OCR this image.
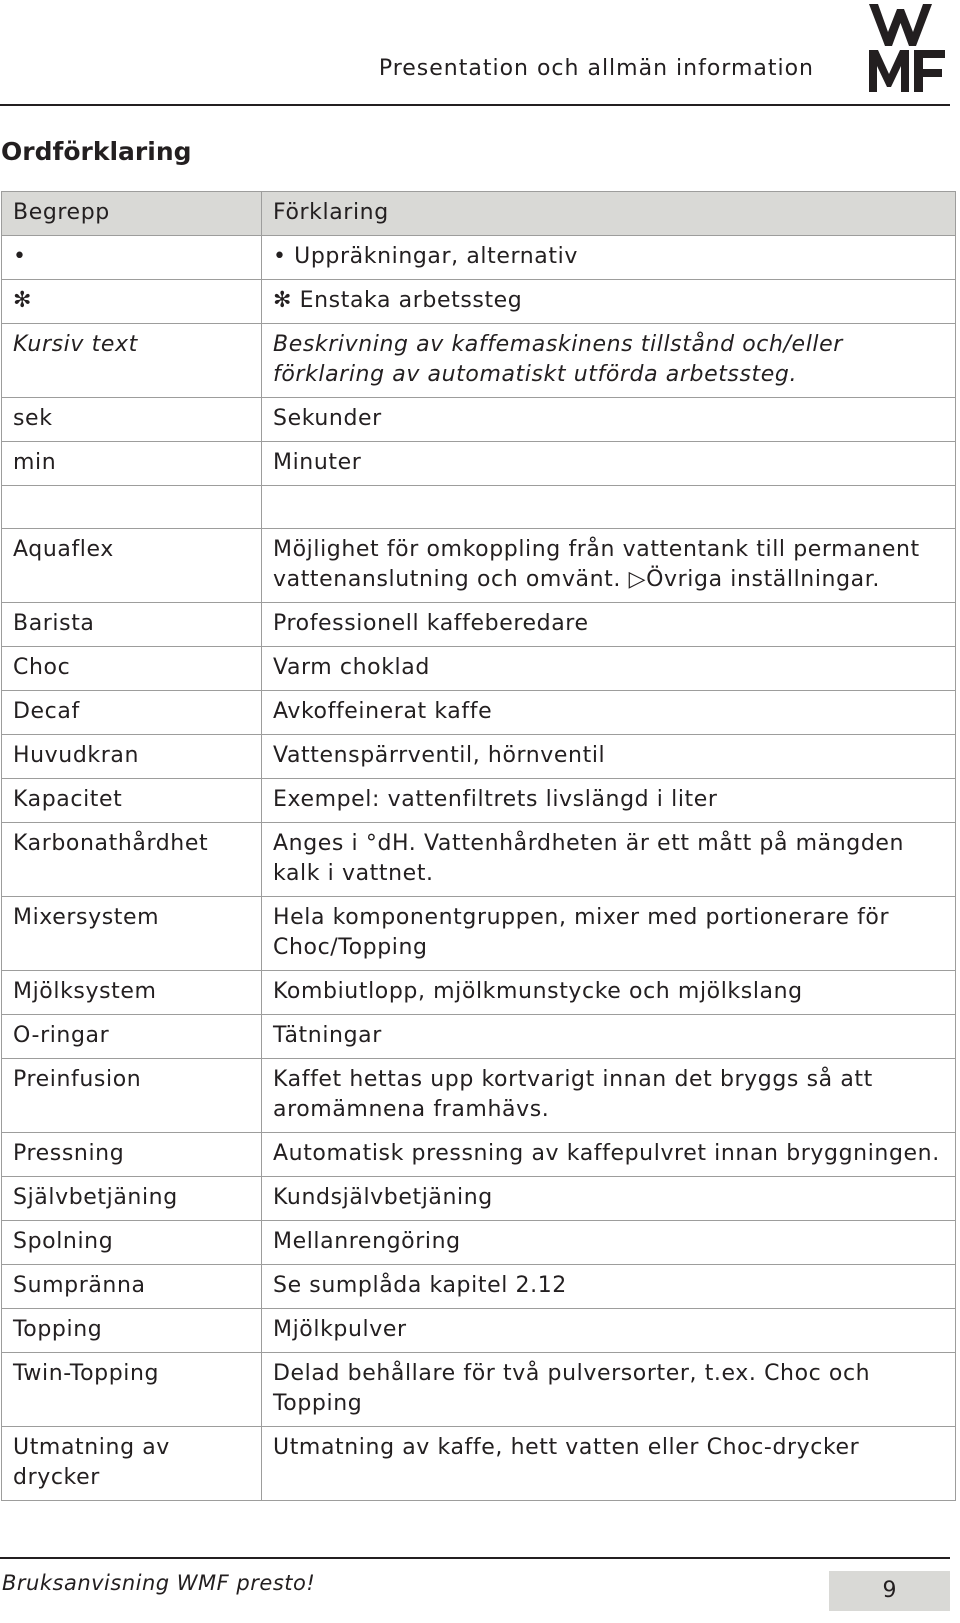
Presentation och allmän information
Ordförklaring
Begrepp	Förklaring
•	• Uppräkningar, alternativ
✻	✻ Enstaka arbetssteg
Kursiv text	Beskrivning av kaffemaskinens tillstånd och/eller förklaring av automatiskt utförda arbetssteg.
sek	Sekunder
min	Minuter

Aquaflex	Möjlighet för omkoppling från vattentank till permanent vattenanslutning och omvänt. ▷Övriga inställningar.
Barista	Professionell kaffeberedare
Choc	Varm choklad
Decaf	Avkoffeinerat kaffe
Huvudkran	Vattenspärrventil, hörnventil
Kapacitet	Exempel: vattenfiltrets livslängd i liter
Karbonathårdhet	Anges i °dH. Vattenhårdheten är ett mått på mängden kalk i vattnet.
Mixersystem	Hela komponentgruppen, mixer med portionerare för Choc/Topping
Mjölksystem	Kombiutlopp, mjölkmunstycke och mjölkslang
O-ringar	Tätningar
Preinfusion	Kaffet hettas upp kortvarigt innan det bryggs så att aromämnena framhävs.
Pressning	Automatisk pressning av kaffepulvret innan bryggningen.
Självbetjäning	Kundsjälvbetjäning
Spolning	Mellanrengöring
Sumpränna	Se sumplåda kapitel 2.12
Topping	Mjölkpulver
Twin-Topping	Delad behållare för två pulversorter, t.ex. Choc och Topping
Utmatning av drycker	Utmatning av kaffe, hett vatten eller Choc-drycker
Bruksanvisning WMF presto!	9
